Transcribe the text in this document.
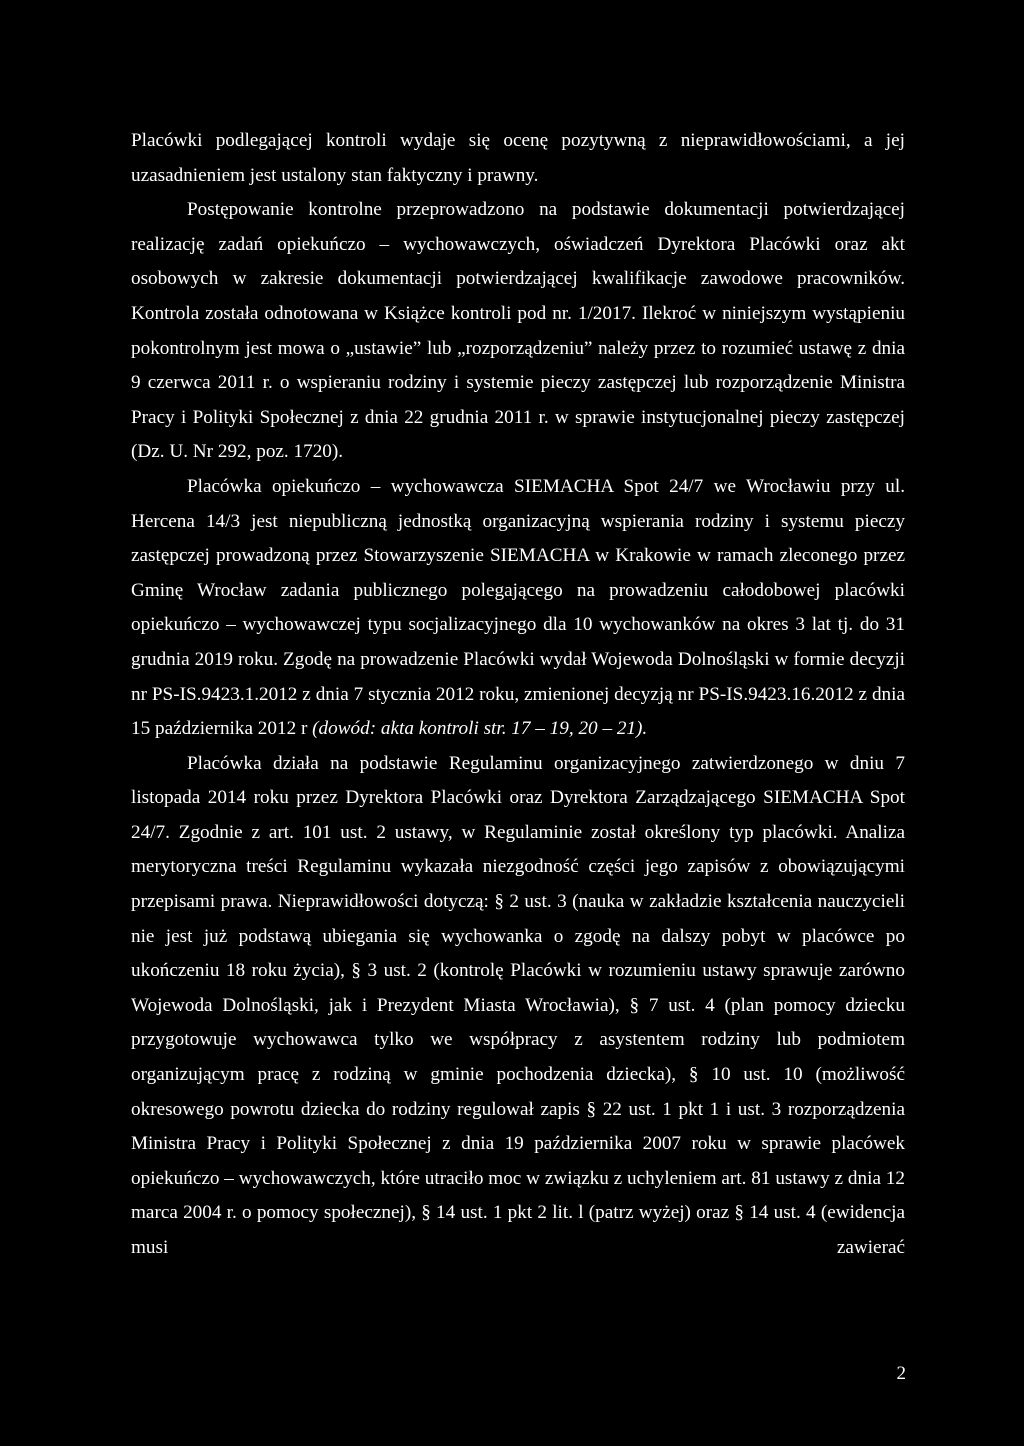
Placówki podlegającej kontroli wydaje się ocenę pozytywną z nieprawidłowościami, a jej uzasadnieniem jest ustalony stan faktyczny i prawny.

Postępowanie kontrolne przeprowadzono na podstawie dokumentacji potwierdzającej realizację zadań opiekuńczo – wychowawczych, oświadczeń Dyrektora Placówki oraz akt osobowych w zakresie dokumentacji potwierdzającej kwalifikacje zawodowe pracowników. Kontrola została odnotowana w Książce kontroli pod nr. 1/2017. Ilekroć w niniejszym wystąpieniu pokontrolnym jest mowa o „ustawie” lub „rozporządzeniu” należy przez to rozumieć ustawę z dnia 9 czerwca 2011 r. o wspieraniu rodziny i systemie pieczy zastępczej lub rozporządzenie Ministra Pracy i Polityki Społecznej z dnia 22 grudnia 2011 r. w sprawie instytucjonalnej pieczy zastępczej (Dz. U. Nr 292, poz. 1720).

Placówka opiekuńczo – wychowawcza SIEMACHA Spot 24/7 we Wrocławiu przy ul. Hercena 14/3 jest niepubliczną jednostką organizacyjną wspierania rodziny i systemu pieczy zastępczej prowadzoną przez Stowarzyszenie SIEMACHA w Krakowie w ramach zleconego przez Gminę Wrocław zadania publicznego polegającego na prowadzeniu całodobowej placówki opiekuńczo – wychowawczej typu socjalizacyjnego dla 10 wychowanków na okres 3 lat tj. do 31 grudnia 2019 roku. Zgodę na prowadzenie Placówki wydał Wojewoda Dolnośląski w formie decyzji nr PS-IS.9423.1.2012 z dnia 7 stycznia 2012 roku, zmienionej decyzją nr PS-IS.9423.16.2012 z dnia 15 października 2012 r (dowód: akta kontroli str. 17 – 19, 20 – 21).

Placówka działa na podstawie Regulaminu organizacyjnego zatwierdzonego w dniu 7 listopada 2014 roku przez Dyrektora Placówki oraz Dyrektora Zarządzającego SIEMACHA Spot 24/7. Zgodnie z art. 101 ust. 2 ustawy, w Regulaminie został określony typ placówki. Analiza merytoryczna treści Regulaminu wykazała niezgodność części jego zapisów z obowiązującymi przepisami prawa. Nieprawidłowości dotyczą: § 2 ust. 3 (nauka w zakładzie kształcenia nauczycieli nie jest już podstawą ubiegania się wychowanka o zgodę na dalszy pobyt w placówce po ukończeniu 18 roku życia), § 3 ust. 2 (kontrolę Placówki w rozumieniu ustawy sprawuje zarówno Wojewoda Dolnośląski, jak i Prezydent Miasta Wrocławia), § 7 ust. 4 (plan pomocy dziecku przygotowuje wychowawca tylko we współpracy z asystentem rodziny lub podmiotem organizującym pracę z rodziną w gminie pochodzenia dziecka), § 10 ust. 10 (możliwość okresowego powrotu dziecka do rodziny regulował zapis § 22 ust. 1 pkt 1 i ust. 3 rozporządzenia Ministra Pracy i Polityki Społecznej z dnia 19 października 2007 roku w sprawie placówek opiekuńczo – wychowawczych, które utraciło moc w związku z uchyleniem art. 81 ustawy z dnia 12 marca 2004 r. o pomocy społecznej), § 14 ust. 1 pkt 2 lit. l (patrz wyżej) oraz § 14 ust. 4 (ewidencja musi zawierać

2
